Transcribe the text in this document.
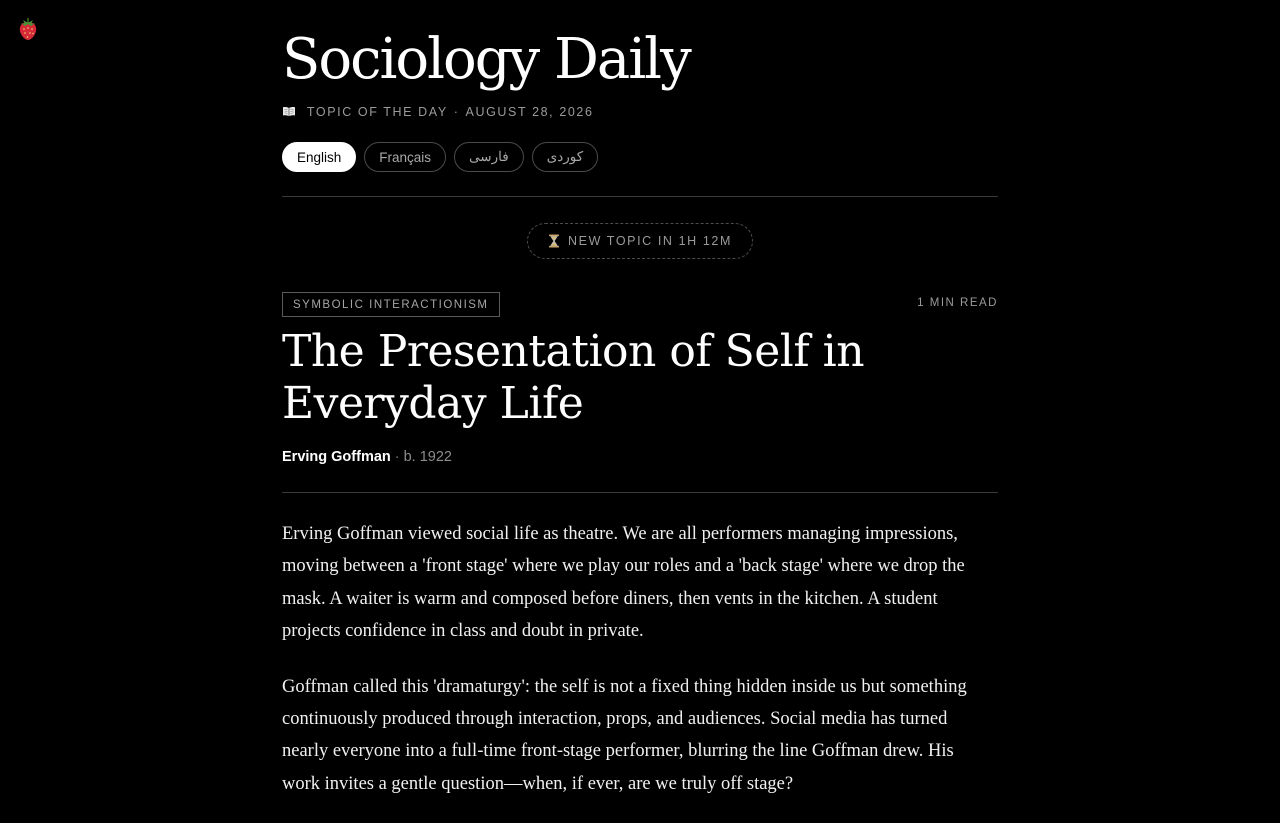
Sociology Daily
TOPIC OF THE DAY · AUGUST 28, 2026
English	Français	فارسی	کوردی
NEW TOPIC IN 1H 12M
SYMBOLIC INTERACTIONISM	1 MIN READ
The Presentation of Self in Everyday Life
Erving Goffman · b. 1922

Erving Goffman viewed social life as theatre. We are all performers managing impressions, moving between a 'front stage' where we play our roles and a 'back stage' where we drop the mask. A waiter is warm and composed before diners, then vents in the kitchen. A student projects confidence in class and doubt in private.

Goffman called this 'dramaturgy': the self is not a fixed thing hidden inside us but something continuously produced through interaction, props, and audiences. Social media has turned nearly everyone into a full-time front-stage performer, blurring the line Goffman drew. His work invites a gentle question—when, if ever, are we truly off stage?
